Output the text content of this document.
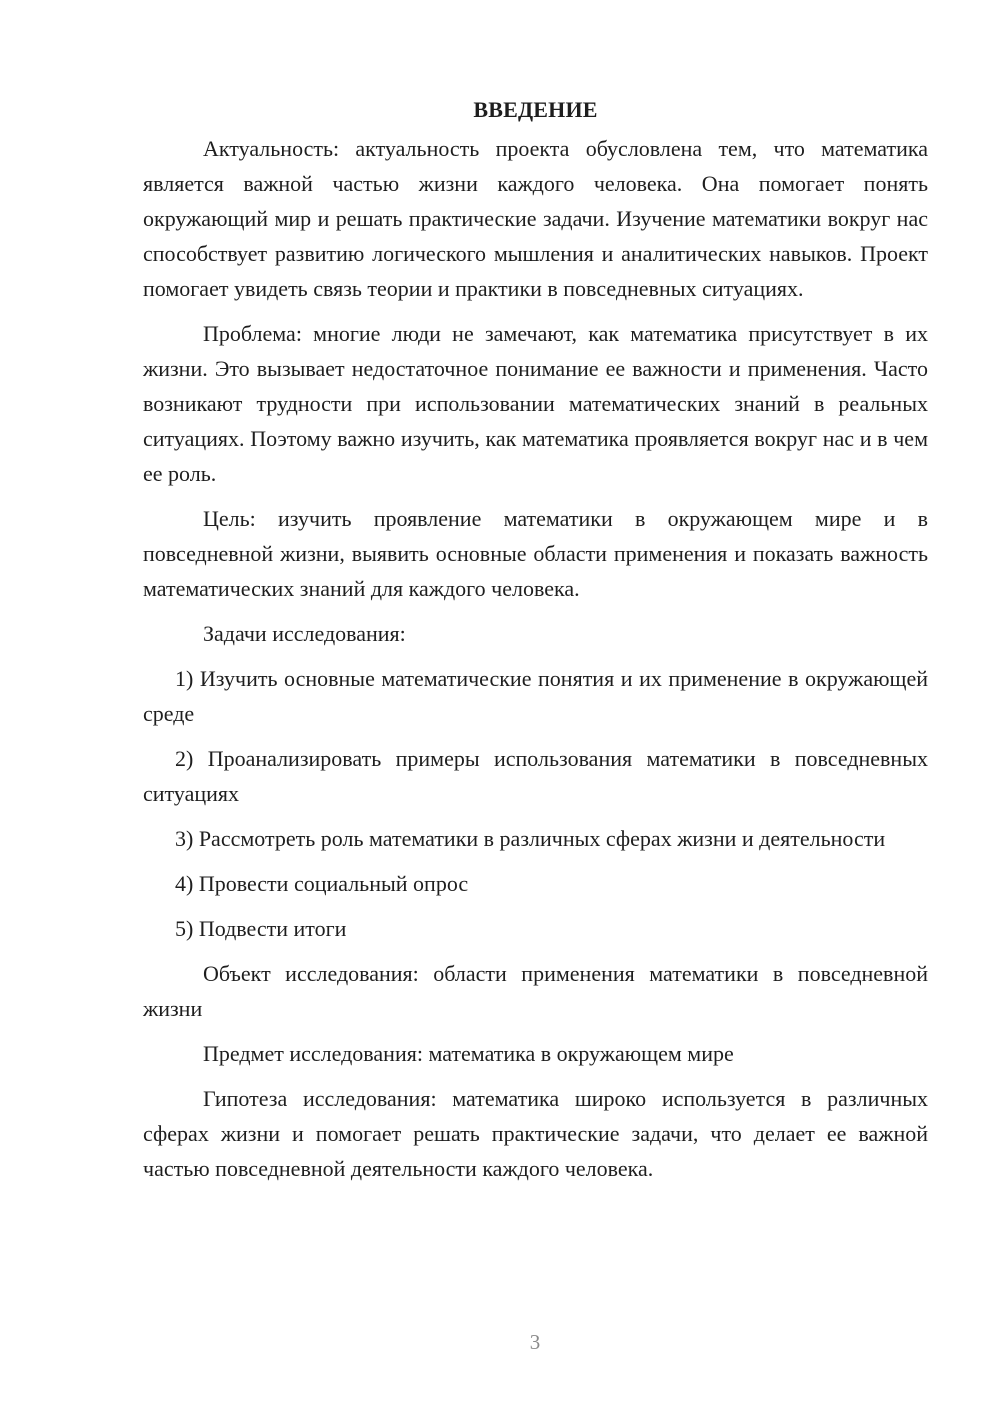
ВВЕДЕНИЕ

Актуальность: актуальность проекта обусловлена тем, что математика является важной частью жизни каждого человека. Она помогает понять окружающий мир и решать практические задачи. Изучение математики вокруг нас способствует развитию логического мышления и аналитических навыков. Проект помогает увидеть связь теории и практики в повседневных ситуациях.

Проблема: многие люди не замечают, как математика присутствует в их жизни. Это вызывает недостаточное понимание ее важности и применения. Часто возникают трудности при использовании математических знаний в реальных ситуациях. Поэтому важно изучить, как математика проявляется вокруг нас и в чем ее роль.

Цель: изучить проявление математики в окружающем мире и в повседневной жизни, выявить основные области применения и показать важность математических знаний для каждого человека.

Задачи исследования:

1) Изучить основные математические понятия и их применение в окружающей среде

2) Проанализировать примеры использования математики в повседневных ситуациях

3) Рассмотреть роль математики в различных сферах жизни и деятельности

4) Провести социальный опрос

5) Подвести итоги

Объект исследования: области применения математики в повседневной жизни

Предмет исследования: математика в окружающем мире

Гипотеза исследования: математика широко используется в различных сферах жизни и помогает решать практические задачи, что делает ее важной частью повседневной деятельности каждого человека.

3
